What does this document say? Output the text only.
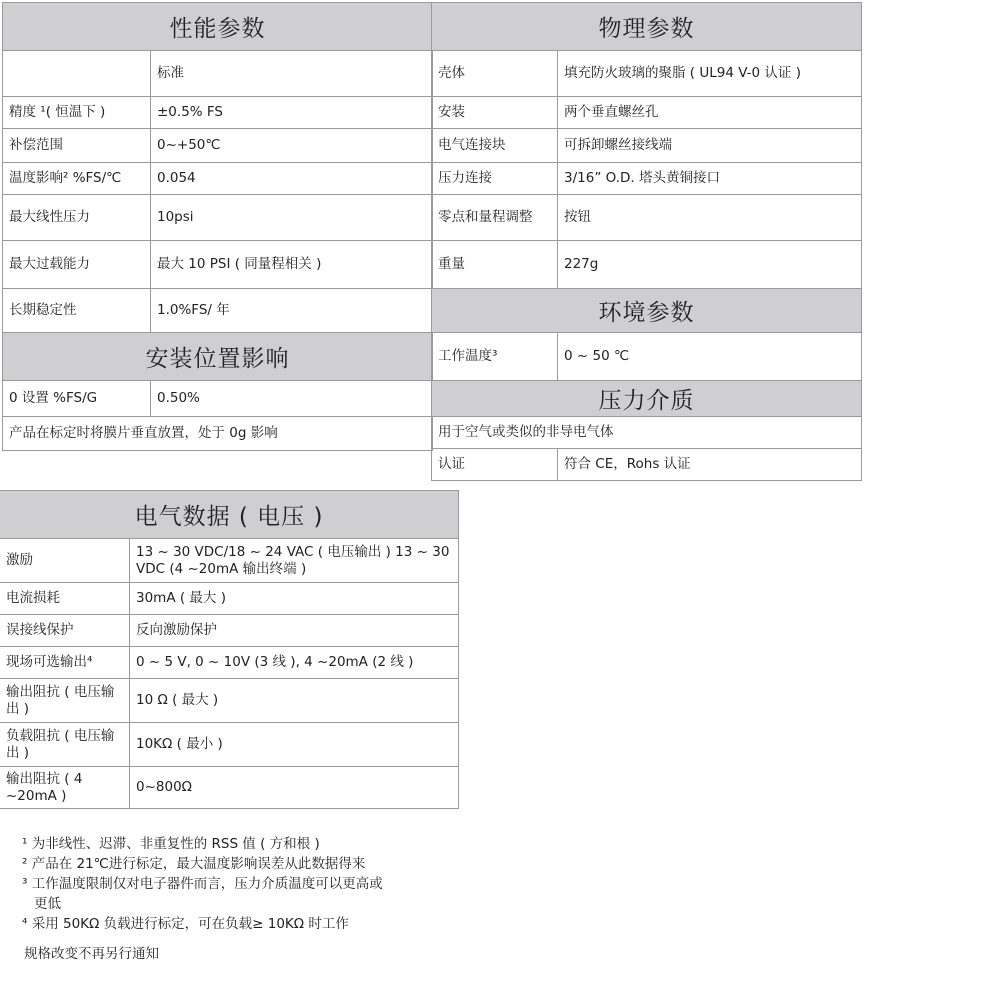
性能参数	
	标准
精度 ¹( 恒温下 )	±0.5% FS
补偿范围	0~+50℃
温度影响² %FS/℃	0.054
最大线性压力	10psi
最大过载能力	最大 10 PSI ( 同量程相关 )
长期稳定性	1.0%FS/ 年
安装位置影响	
0 设置 %FS/G	0.50%
产品在标定时将膜片垂直放置，处于 0g 影响	
物理参数	
壳体	填充防火玻璃的聚脂 ( UL94 V-0 认证 )
安装	两个垂直螺丝孔
电气连接块	可拆卸螺丝接线端
压力连接	3/16” O.D. 塔头黄铜接口
零点和量程调整	按钮
重量	227g
环境参数	
工作温度³	0 ~ 50 ℃
压力介质	
用于空气或类似的非导电气体	
认证	符合 CE，Rohs 认证
电气数据 ( 电压 )	
激励	13 ~ 30 VDC/18 ~ 24 VAC ( 电压输出 ) 13 ~ 30 VDC (4 ~20mA 输出终端 )
电流损耗	30mA ( 最大 )
误接线保护	反向激励保护
现场可选输出⁴	0 ~ 5 V, 0 ~ 10V (3 线 ), 4 ~20mA (2 线 )
输出阻抗 ( 电压输出 )	10 Ω ( 最大 )
负载阻抗 ( 电压输出 )	10KΩ ( 最小 )
输出阻抗 ( 4 ~20mA )	0~800Ω
¹ 为非线性、迟滞、非重复性的 RSS 值 ( 方和根 )
² 产品在 21℃进行标定，最大温度影响误差从此数据得来
³ 工作温度限制仅对电子器件而言，压力介质温度可以更高或
更低
⁴ 采用 50KΩ 负载进行标定，可在负载≥ 10KΩ 时工作
规格改变不再另行通知
